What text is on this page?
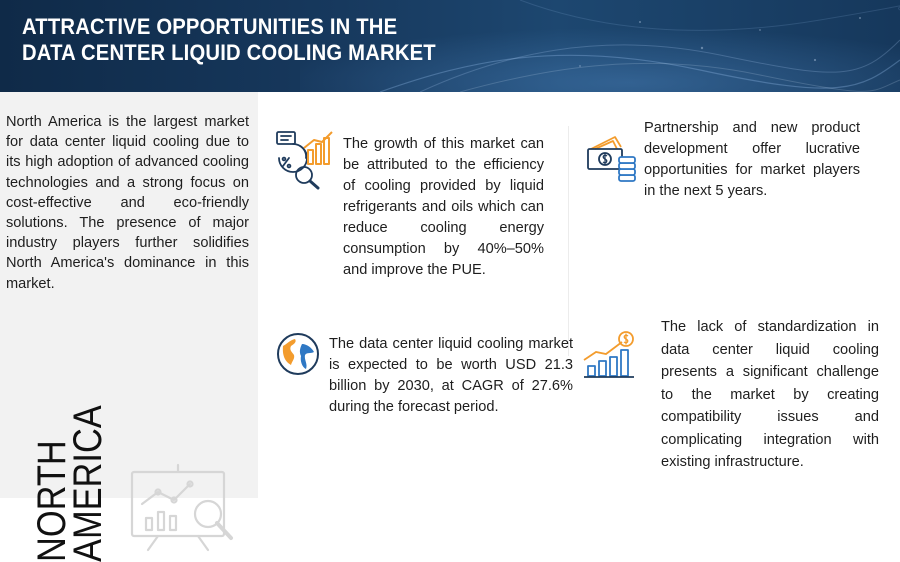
ATTRACTIVE OPPORTUNITIES IN THE
DATA CENTER LIQUID COOLING MARKET

North America is the largest market for data center liquid cooling due to its high adoption of advanced cooling technologies and a strong focus on cost-effective and eco-friendly solutions. The presence of major industry players further solidifies North America's dominance in this market.

NORTH
AMERICA

The growth of this market can be attributed to the efficiency of cooling provided by liquid refrigerants and oils which can reduce cooling energy consumption by 40%–50% and improve the PUE.

Partnership and new product development offer lucrative opportunities for market players in the next 5 years.

The data center liquid cooling market is expected to be worth USD 21.3 billion by 2030, at CAGR of 27.6% during the forecast period.

The lack of standardization in data center liquid cooling presents a significant challenge to the market by creating compatibility issues and complicating integration with existing infrastructure.
